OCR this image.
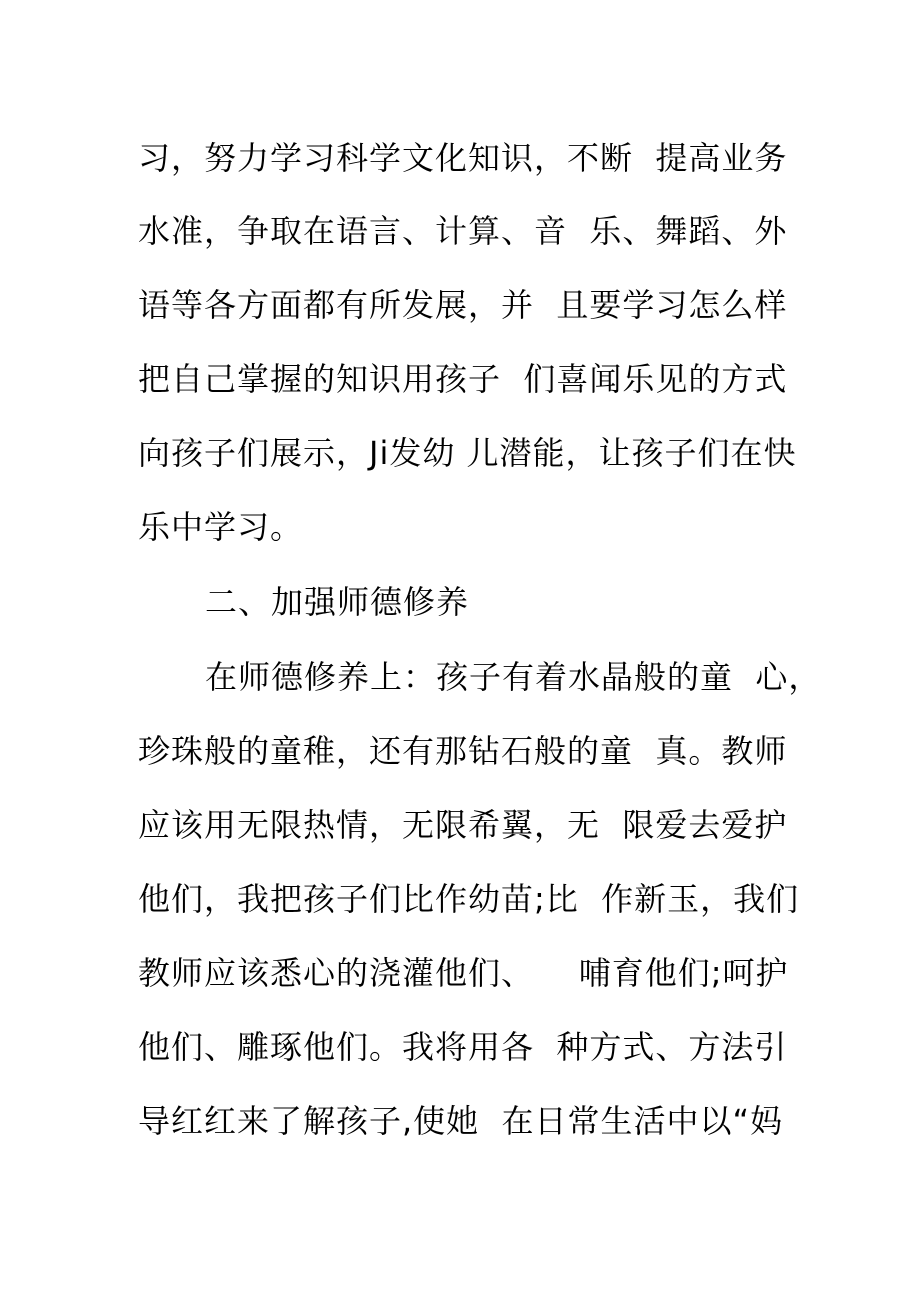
习，努力学习科学文化知识，不断  提高业务
水准，争取在语言、计算、音  乐、舞蹈、外
语等各方面都有所发展，并  且要学习怎么样
把自己掌握的知识用孩子  们喜闻乐见的方式
向孩子们展示，Ji发幼 儿潜能，让孩子们在快
乐中学习。
二、加强师德修养
在师德修养上：孩子有着水晶般的童  心，
珍珠般的童稚，还有那钻石般的童  真。教师
应该用无限热情，无限希翼，无  限爱去爱护
他们，我把孩子们比作幼苗;比  作新玉，我们
教师应该悉心的浇灌他们、    哺育他们;呵护
他们、雕琢他们。我将用各  种方式、方法引
导红红来了解孩子,使她  在日常生活中以“妈
